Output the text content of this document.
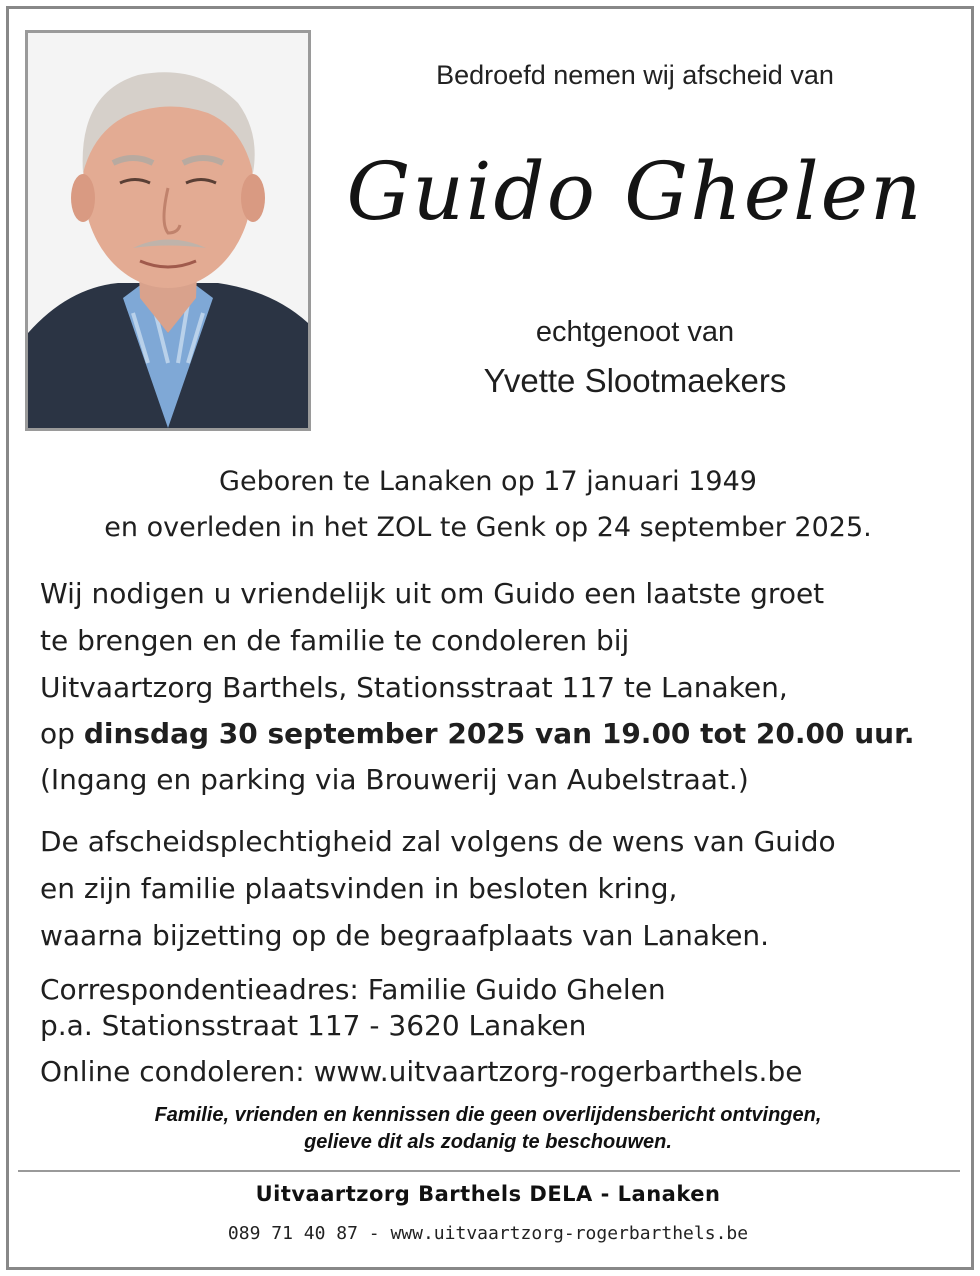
Bedroefd nemen wij afscheid van
Guido Ghelen
echtgenoot van
Yvette Slootmaekers
Geboren te Lanaken op 17 januari 1949
en overleden in het ZOL te Genk op 24 september 2025.
Wij nodigen u vriendelijk uit om Guido een laatste groet
te brengen en de familie te condoleren bij
Uitvaartzorg Barthels, Stationsstraat 117 te Lanaken,
op dinsdag 30 september 2025 van 19.00 tot 20.00 uur.
(Ingang en parking via Brouwerij van Aubelstraat.)
De afscheidsplechtigheid zal volgens de wens van Guido
en zijn familie plaatsvinden in besloten kring,
waarna bijzetting op de begraafplaats van Lanaken.
Correspondentieadres: Familie Guido Ghelen
p.a. Stationsstraat 117 - 3620 Lanaken
Online condoleren: www.uitvaartzorg-rogerbarthels.be
Familie, vrienden en kennissen die geen overlijdensbericht ontvingen,
gelieve dit als zodanig te beschouwen.
Uitvaartzorg Barthels DELA - Lanaken
089 71 40 87 - www.uitvaartzorg-rogerbarthels.be
